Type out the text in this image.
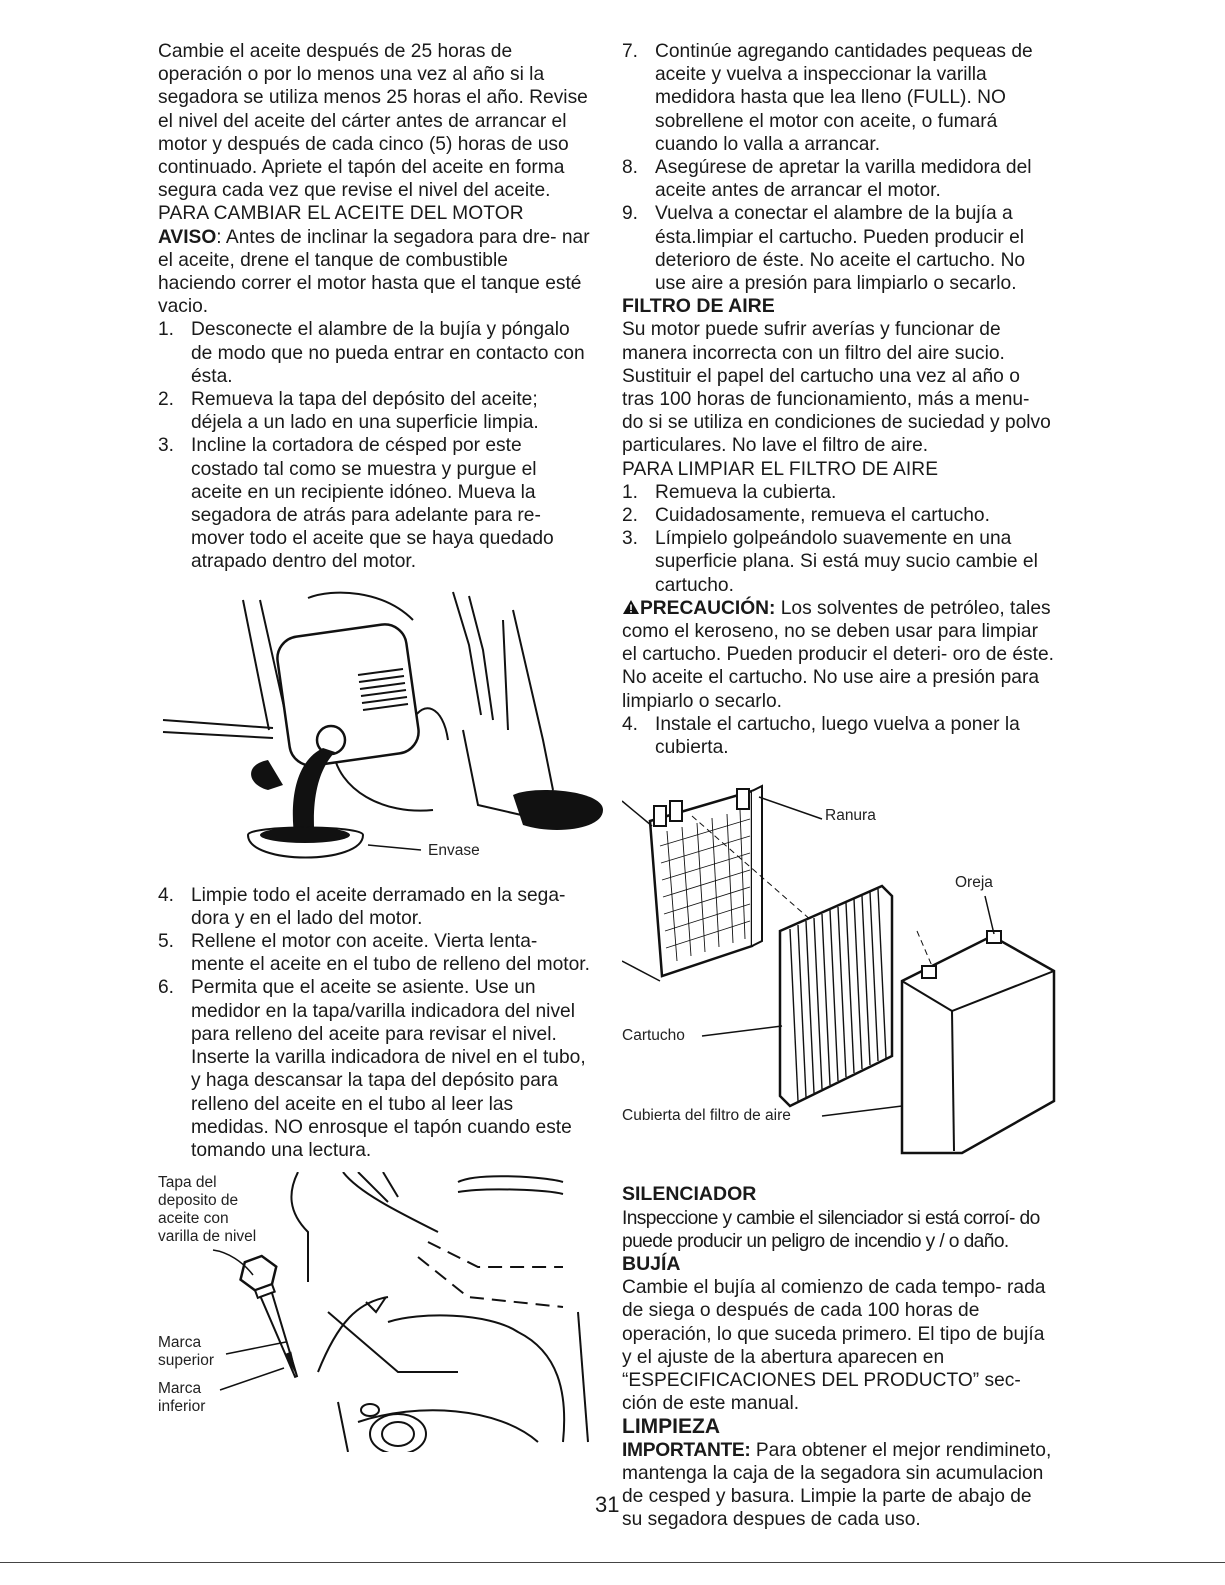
Cambie el aceite después de 25 horas de operación o por lo menos una vez al año si la segadora se utiliza menos 25 horas el año. Revise el nivel del aceite del cárter antes de arrancar el motor y después de cada cinco (5) horas de uso continuado. Apriete el tapón del aceite en forma segura cada vez que revise el nivel del aceite.

PARA CAMBIAR EL ACEITE DEL MOTOR

AVISO: Antes de inclinar la segadora para dre- nar el aceite, drene el tanque de combustible haciendo correr el motor hasta que el tanque esté vacio.

1. Desconecte el alambre de la bujía y póngalo de modo que no pueda entrar en contacto con ésta.
2. Remueva la tapa del depósito del aceite; déjela a un lado en una superficie limpia.
3. Incline la cortadora de césped por este costado tal como se muestra y purgue el aceite en un recipiente idóneo. Mueva la segadora de atrás para adelante para re- mover todo el aceite que se haya quedado atrapado dentro del motor.
Envase
4. Limpie todo el aceite derramado en la sega- dora y en el lado del motor.
5. Rellene el motor con aceite. Vierta lenta- mente el aceite en el tubo de relleno del motor.
6. Permita que el aceite se asiente. Use un medidor en la tapa/varilla indicadora del nivel para relleno del aceite para revisar el nivel. Inserte la varilla indicadora de nivel en el tubo, y haga descansar la tapa del depósito para relleno del aceite en el tubo al leer las medidas. NO enrosque el tapón cuando este tomando una lectura.
Tapa del deposito de aceite con varilla de nivel
Marca superior
Marca inferior
7. Continúe agregando cantidades pequeas de aceite y vuelva a inspeccionar la varilla medidora hasta que lea lleno (FULL). NO sobrellene el motor con aceite, o fumará cuando lo valla a arrancar.
8. Asegúrese de apretar la varilla medidora del aceite antes de arrancar el motor.
9. Vuelva a conectar el alambre de la bujía a ésta.limpiar el cartucho. Pueden producir el deterioro de éste. No aceite el cartucho. No use aire a presión para limpiarlo o secarlo.

FILTRO DE AIRE

Su motor puede sufrir averías y funcionar de manera incorrecta con un filtro del aire sucio. Sustituir el papel del cartucho una vez al año o tras 100 horas de funcionamiento, más a menu- do si se utiliza en condiciones de suciedad y polvo particulares. No lave el filtro de aire.

PARA LIMPIAR EL FILTRO DE AIRE

1. Remueva la cubierta.
2. Cuidadosamente, remueva el cartucho.
3. Límpielo golpeándolo suavemente en una superficie plana. Si está muy sucio cambie el cartucho.

PRECAUCIÓN: Los solventes de petróleo, tales como el keroseno, no se deben usar para limpiar el cartucho. Pueden producir el deteri- oro de éste. No aceite el cartucho. No use aire a presión para limpiarlo o secarlo.

4. Instale el cartucho, luego vuelva a poner la cubierta.
Ranura
Oreja
Cartucho
Cubierta del filtro de aire

SILENCIADOR

Inspeccione y cambie el silenciador si está corroí- do puede producir un peligro de incendio y / o daño.

BUJÍA

Cambie el bujía al comienzo de cada tempo- rada de siega o después de cada 100 horas de operación, lo que suceda primero. El tipo de bujía y el ajuste de la abertura aparecen en “ESPECIFICACIONES DEL PRODUCTO” sec- ción de este manual.

LIMPIEZA

IMPORTANTE: Para obtener el mejor rendimineto, mantenga la caja de la segadora sin acumulacion de cesped y basura. Limpie la parte de abajo de su segadora despues de cada uso.

31
